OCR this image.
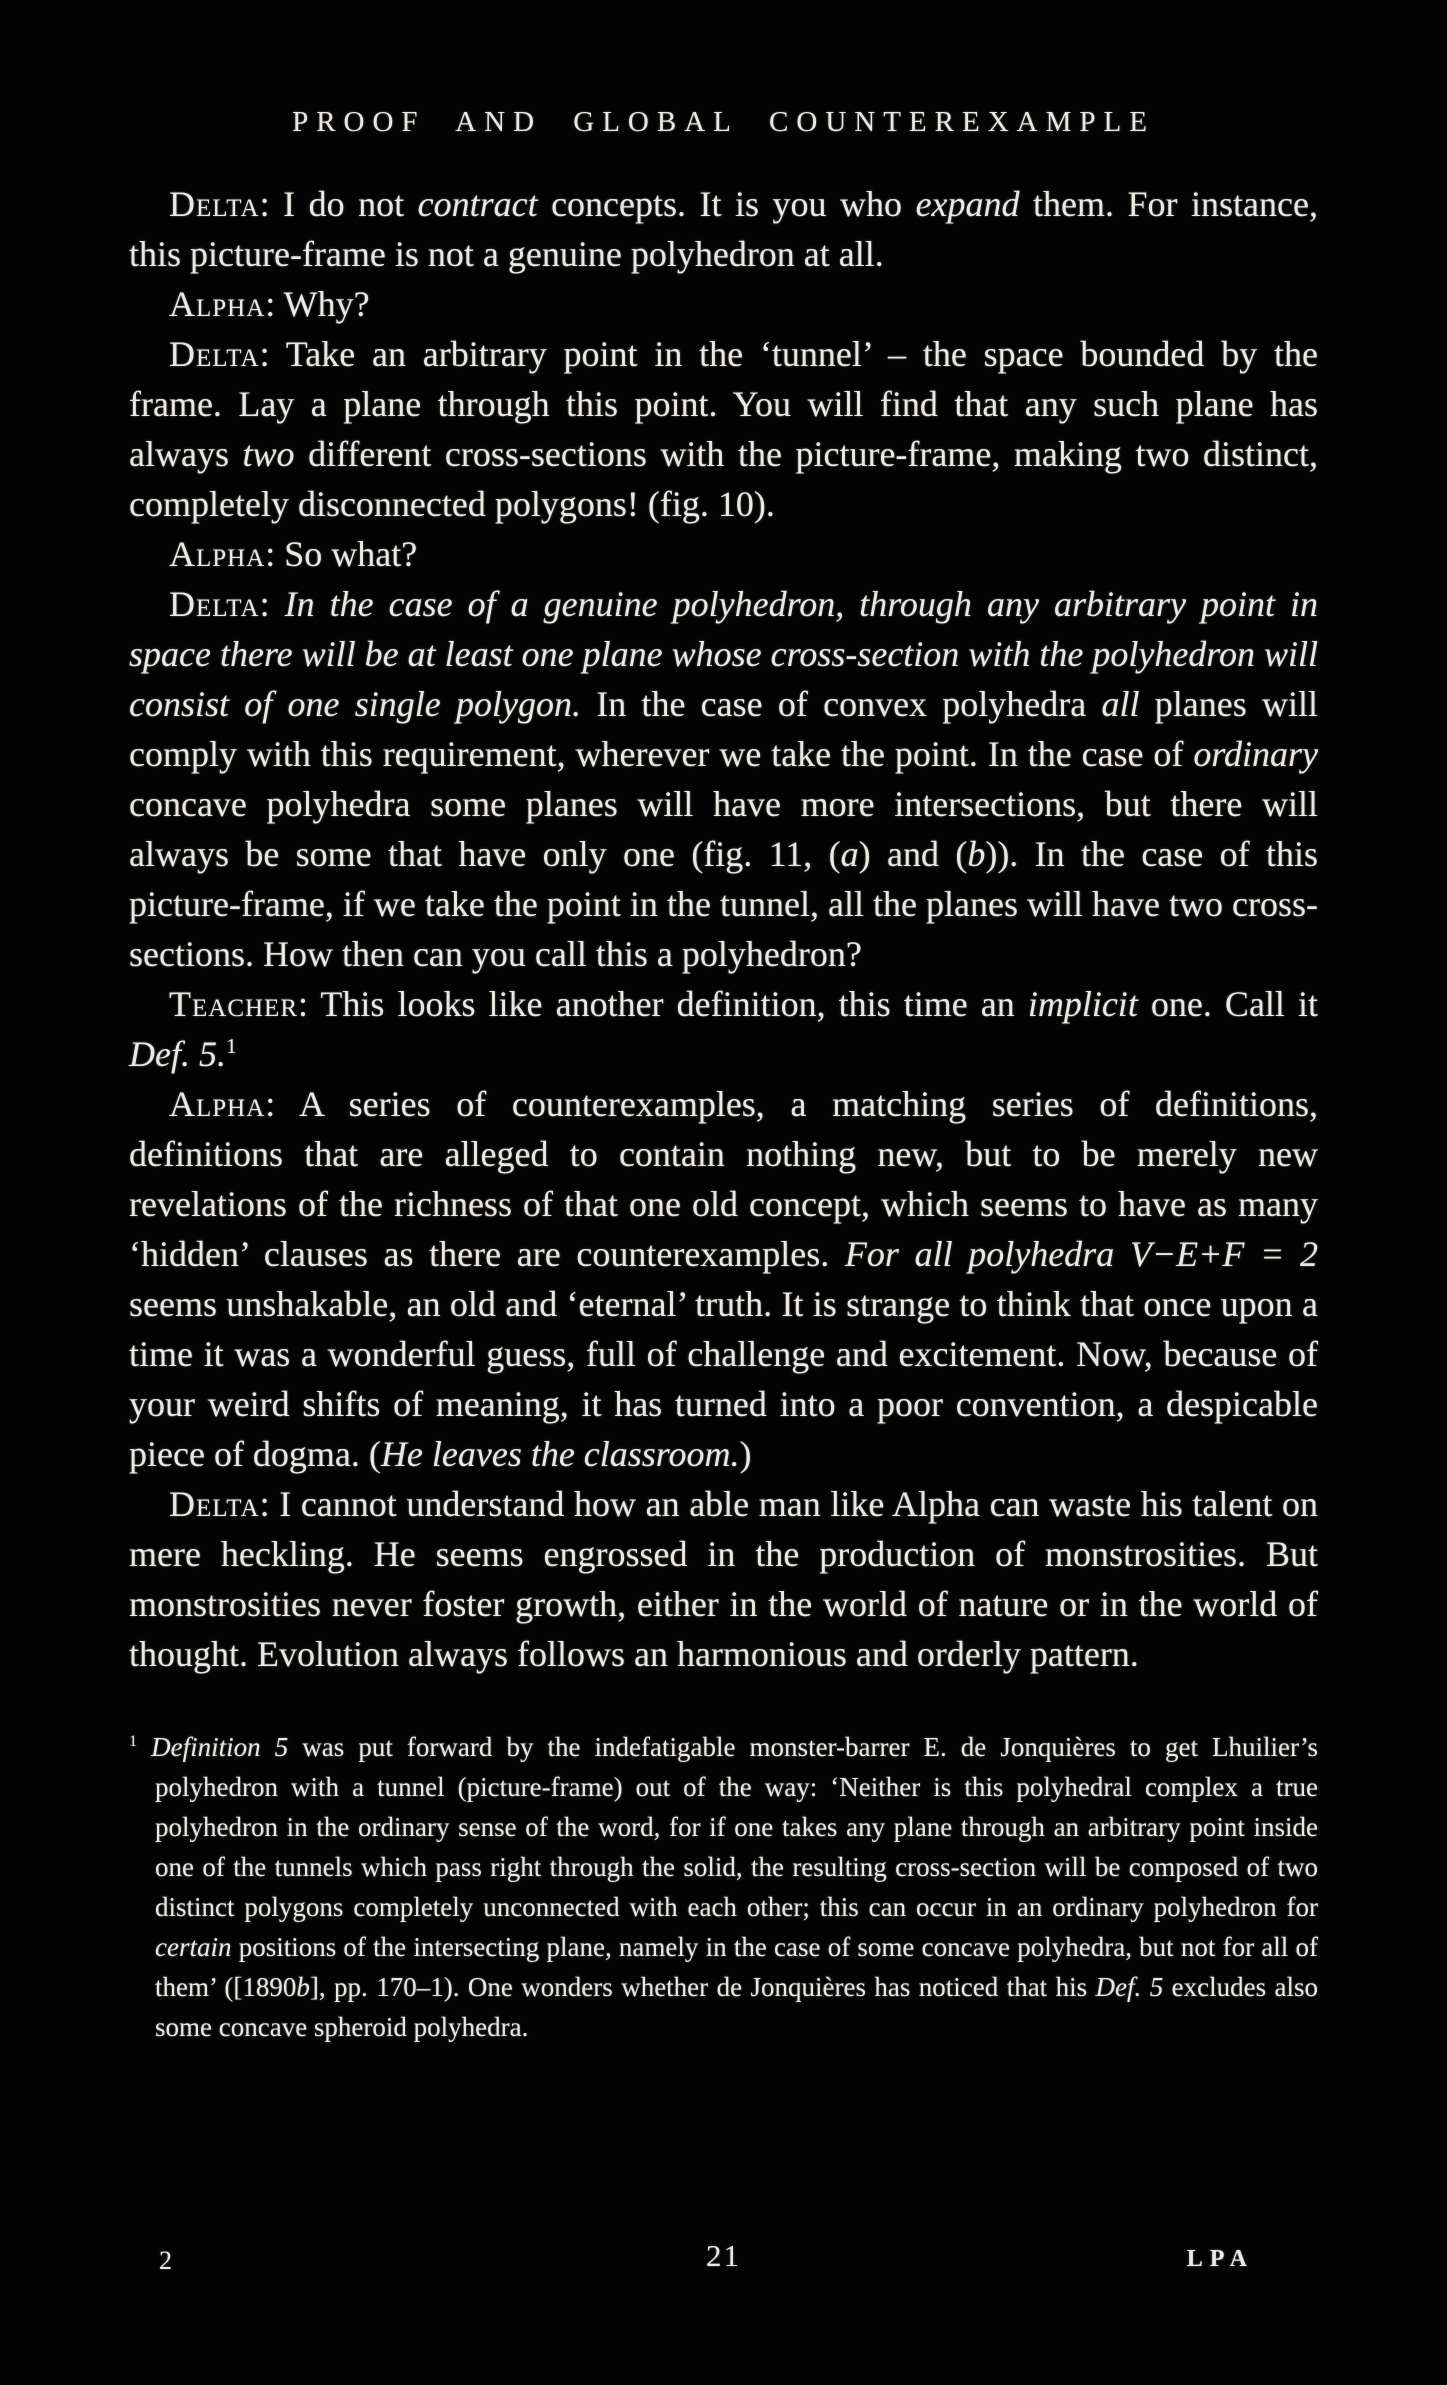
PROOF AND GLOBAL COUNTEREXAMPLE

Delta: I do not contract concepts. It is you who expand them. For instance, this picture-frame is not a genuine polyhedron at all.

Alpha: Why?

Delta: Take an arbitrary point in the ‘tunnel’ – the space bounded by the frame. Lay a plane through this point. You will find that any such plane has always two different cross-sections with the picture-frame, making two distinct, completely disconnected polygons! (fig. 10).

Alpha: So what?

Delta: In the case of a genuine polyhedron, through any arbitrary point in space there will be at least one plane whose cross-section with the polyhedron will consist of one single polygon. In the case of convex polyhedra all planes will comply with this requirement, wherever we take the point. In the case of ordinary concave polyhedra some planes will have more intersections, but there will always be some that have only one (fig. 11, (a) and (b)). In the case of this picture-frame, if we take the point in the tunnel, all the planes will have two cross-sections. How then can you call this a polyhedron?

Teacher: This looks like another definition, this time an implicit one. Call it Def. 5.$^1$

Alpha: A series of counterexamples, a matching series of definitions, definitions that are alleged to contain nothing new, but to be merely new revelations of the richness of that one old concept, which seems to have as many ‘hidden’ clauses as there are counterexamples. For all polyhedra V−E+F = 2 seems unshakable, an old and ‘eternal’ truth. It is strange to think that once upon a time it was a wonderful guess, full of challenge and excitement. Now, because of your weird shifts of meaning, it has turned into a poor convention, a despicable piece of dogma. (He leaves the classroom.)

Delta: I cannot understand how an able man like Alpha can waste his talent on mere heckling. He seems engrossed in the production of monstrosities. But monstrosities never foster growth, either in the world of nature or in the world of thought. Evolution always follows an harmonious and orderly pattern.

$^1$ Definition 5 was put forward by the indefatigable monster-barrer E. de Jonquières to get Lhuilier’s polyhedron with a tunnel (picture-frame) out of the way: ‘Neither is this polyhedral complex a true polyhedron in the ordinary sense of the word, for if one takes any plane through an arbitrary point inside one of the tunnels which pass right through the solid, the resulting cross-section will be composed of two distinct polygons completely unconnected with each other; this can occur in an ordinary polyhedron for certain positions of the intersecting plane, namely in the case of some concave polyhedra, but not for all of them’ ([1890b], pp. 170–1). One wonders whether de Jonquières has noticed that his Def. 5 excludes also some concave spheroid polyhedra.

2	21	LPA
